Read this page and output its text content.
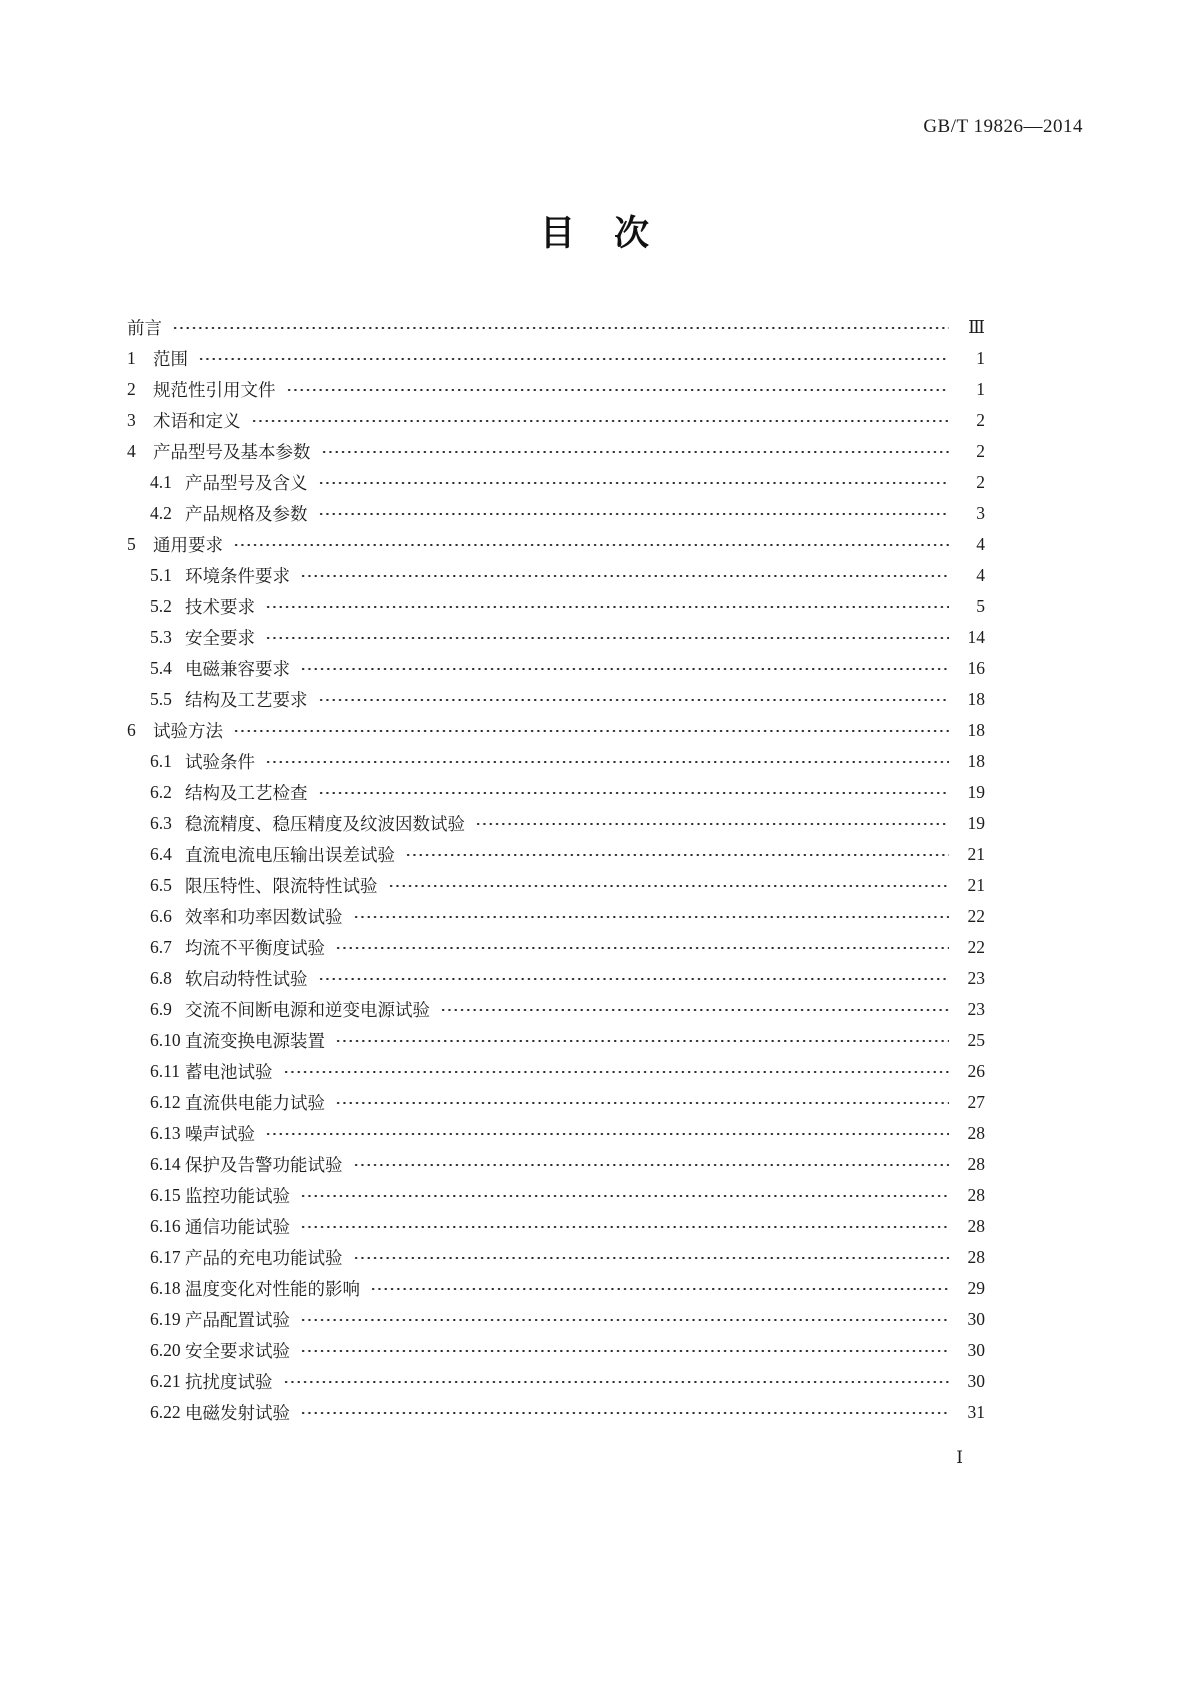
GB/T 19826—2014
目　次
前言	Ⅲ
1 范围	1
2 规范性引用文件	1
3 术语和定义	2
4 产品型号及基本参数	2
4.1 产品型号及含义	2
4.2 产品规格及参数	3
5 通用要求	4
5.1 环境条件要求	4
5.2 技术要求	5
5.3 安全要求	14
5.4 电磁兼容要求	16
5.5 结构及工艺要求	18
6 试验方法	18
6.1 试验条件	18
6.2 结构及工艺检查	19
6.3 稳流精度、稳压精度及纹波因数试验	19
6.4 直流电流电压输出误差试验	21
6.5 限压特性、限流特性试验	21
6.6 效率和功率因数试验	22
6.7 均流不平衡度试验	22
6.8 软启动特性试验	23
6.9 交流不间断电源和逆变电源试验	23
6.10 直流变换电源装置	25
6.11 蓄电池试验	26
6.12 直流供电能力试验	27
6.13 噪声试验	28
6.14 保护及告警功能试验	28
6.15 监控功能试验	28
6.16 通信功能试验	28
6.17 产品的充电功能试验	28
6.18 温度变化对性能的影响	29
6.19 产品配置试验	30
6.20 安全要求试验	30
6.21 抗扰度试验	30
6.22 电磁发射试验	31
Ⅰ
